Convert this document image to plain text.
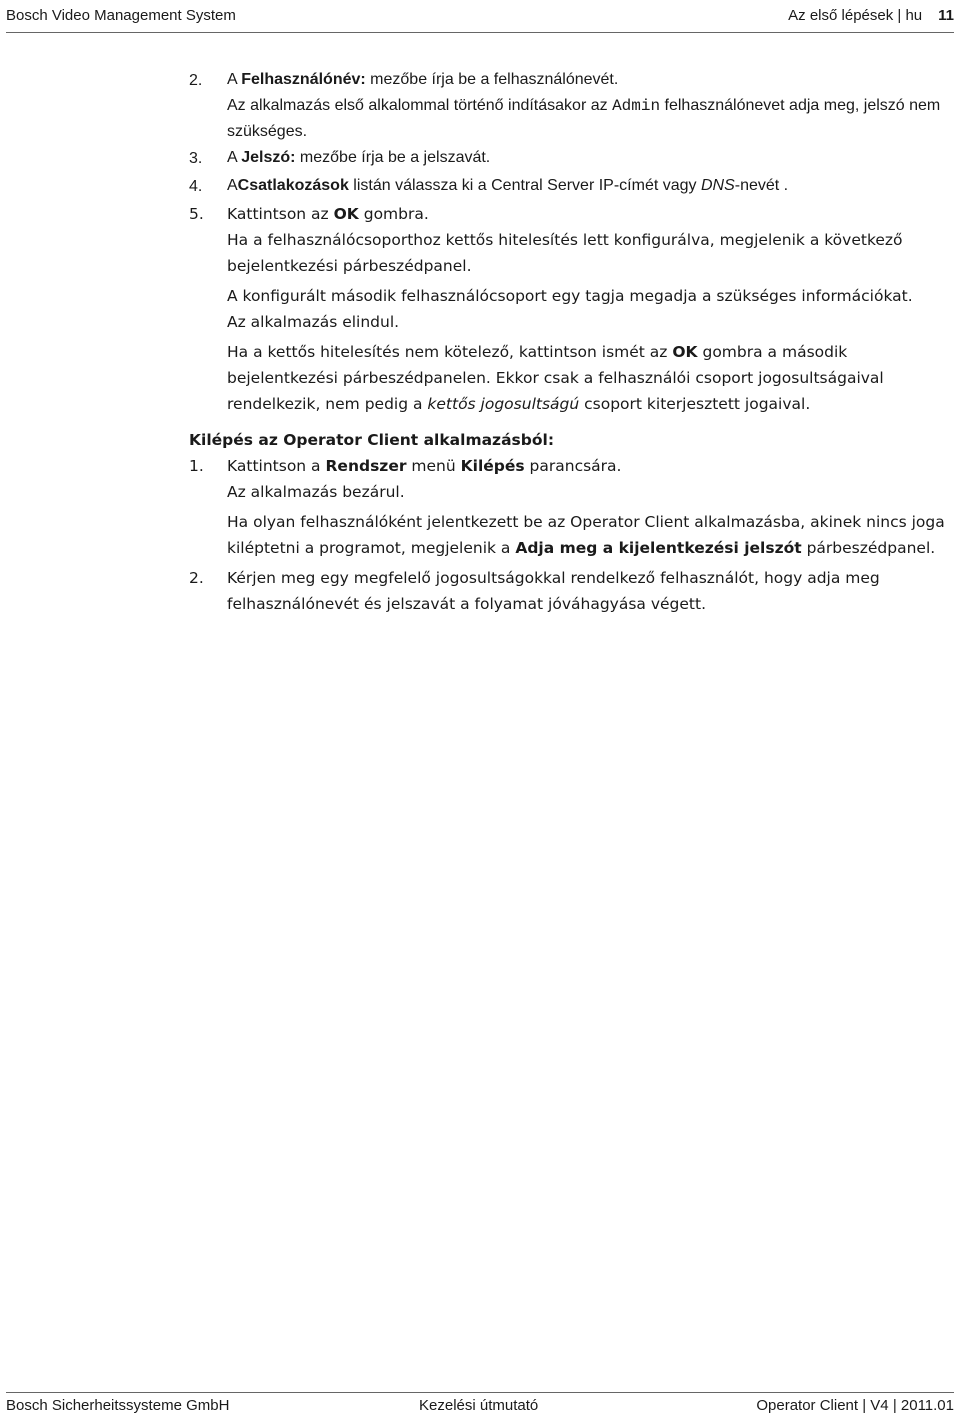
Bosch Video Management System	Az első lépések | hu 11
2.	A Felhasználónév: mezőbe írja be a felhasználónevét.

Az alkalmazás első alkalommal történő indításakor az Admin felhasználónevet adja meg, jelszó nem szükséges.

3.	A Jelszó: mezőbe írja be a jelszavát.

4.	ACsatlakozások listán válassza ki a Central Server IP-címét vagy DNS-nevét .

5.	Kattintson az OK gombra.

Ha a felhasználócsoporthoz kettős hitelesítés lett konfigurálva, megjelenik a következő bejelentkezési párbeszédpanel.

A konfigurált második felhasználócsoport egy tagja megadja a szükséges információkat.

Az alkalmazás elindul.

Ha a kettős hitelesítés nem kötelező, kattintson ismét az OK gombra a második bejelentkezési párbeszédpanelen. Ekkor csak a felhasználói csoport jogosultságaival rendelkezik, nem pedig a kettős jogosultságú csoport kiterjesztett jogaival.

Kilépés az Operator Client alkalmazásból:
1.	Kattintson a Rendszer menü Kilépés parancsára.

Az alkalmazás bezárul.

Ha olyan felhasználóként jelentkezett be az Operator Client alkalmazásba, akinek nincs joga kiléptetni a programot, megjelenik a Adja meg a kijelentkezési jelszót párbeszédpanel.

2.	Kérjen meg egy megfelelő jogosultságokkal rendelkező felhasználót, hogy adja meg felhasználónevét és jelszavát a folyamat jóváhagyása végett.

Bosch Sicherheitssysteme GmbH	Kezelési útmutató	Operator Client | V4 | 2011.01
